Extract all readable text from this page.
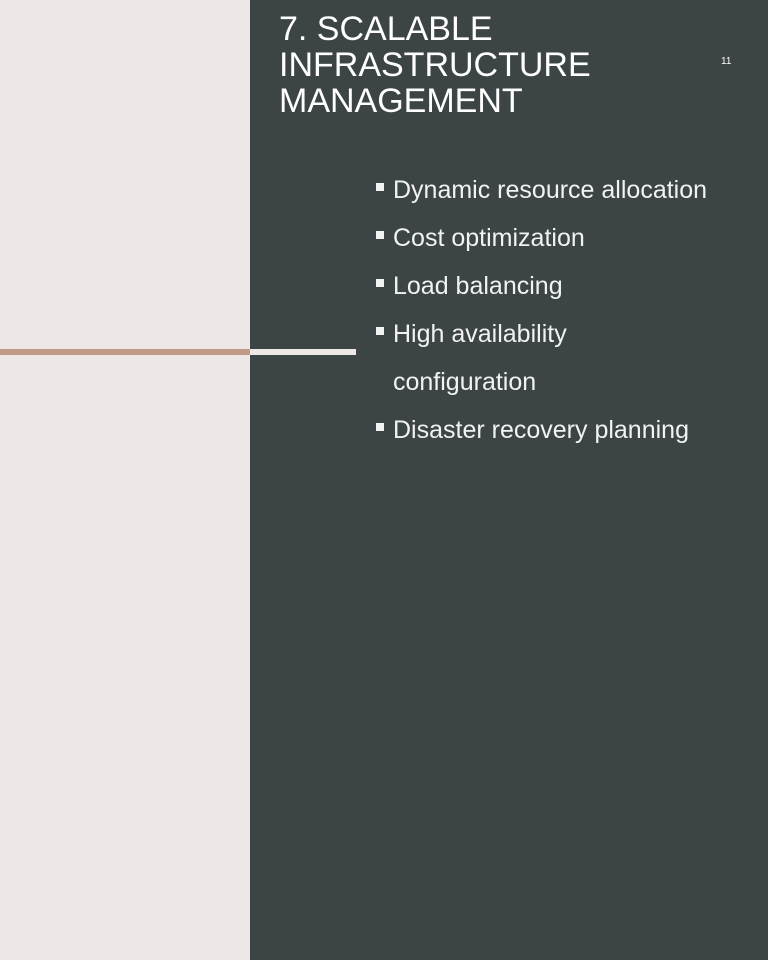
7. SCALABLE
INFRASTRUCTURE
MANAGEMENT
11
Dynamic resource allocation
Cost optimization
Load balancing
High availability configuration
Disaster recovery planning
